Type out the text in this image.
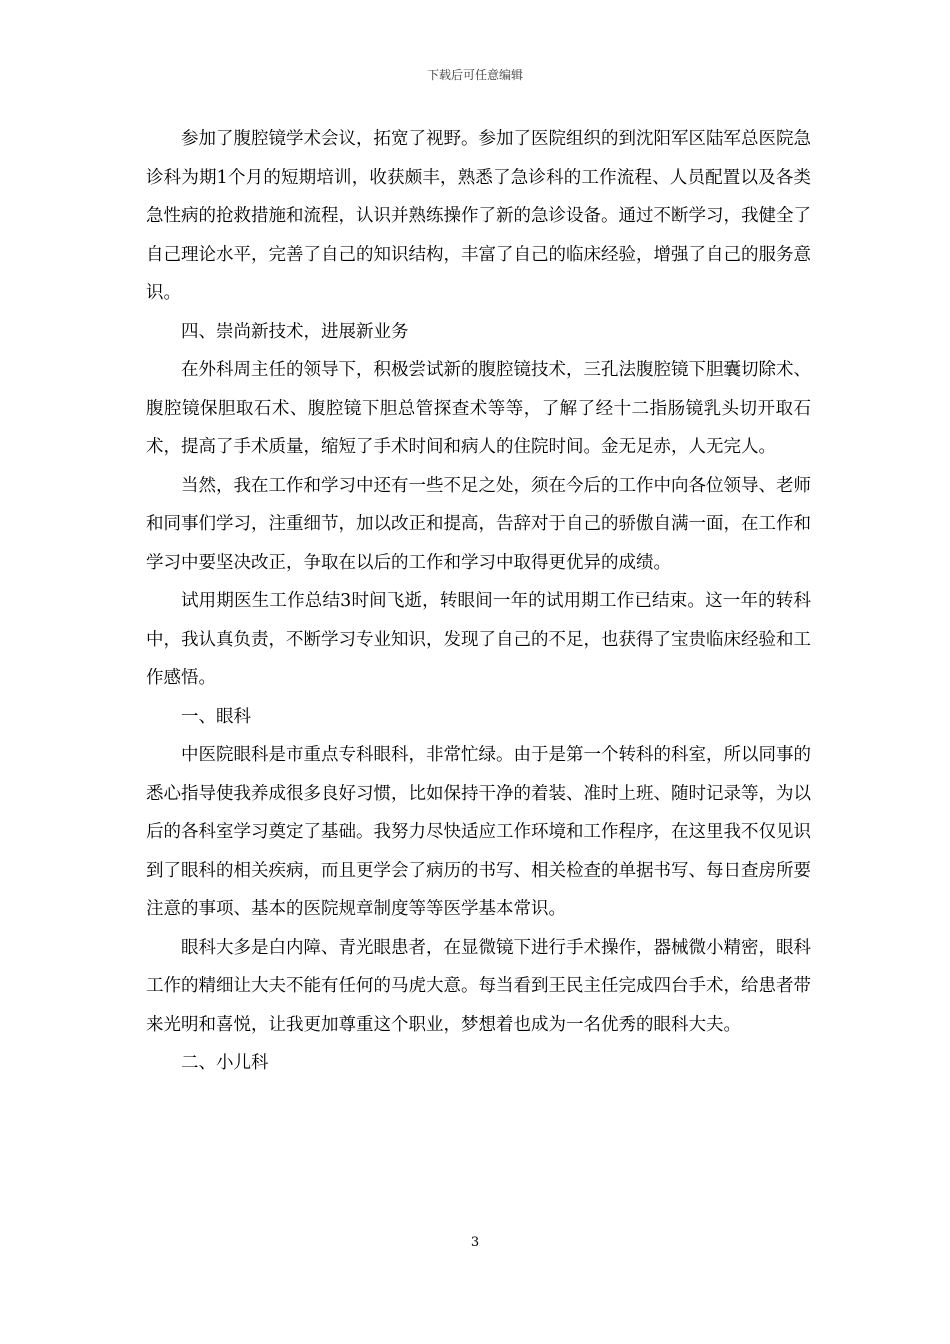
下载后可任意编辑

参加了腹腔镜学术会议，拓宽了视野。参加了医院组织的到沈阳军区陆军总医院急诊科为期1个月的短期培训，收获颇丰，熟悉了急诊科的工作流程、人员配置以及各类急性病的抢救措施和流程，认识并熟练操作了新的急诊设备。通过不断学习，我健全了自己理论水平，完善了自己的知识结构，丰富了自己的临床经验，增强了自己的服务意识。

四、崇尚新技术，进展新业务

在外科周主任的领导下，积极尝试新的腹腔镜技术，三孔法腹腔镜下胆囊切除术、腹腔镜保胆取石术、腹腔镜下胆总管探查术等等，了解了经十二指肠镜乳头切开取石术，提高了手术质量，缩短了手术时间和病人的住院时间。金无足赤，人无完人。

当然，我在工作和学习中还有一些不足之处，须在今后的工作中向各位领导、老师和同事们学习，注重细节，加以改正和提高，告辞对于自己的骄傲自满一面，在工作和学习中要坚决改正，争取在以后的工作和学习中取得更优异的成绩。

试用期医生工作总结3时间飞逝，转眼间一年的试用期工作已结束。这一年的转科中，我认真负责，不断学习专业知识，发现了自己的不足，也获得了宝贵临床经验和工作感悟。

一、眼科

中医院眼科是市重点专科眼科，非常忙绿。由于是第一个转科的科室，所以同事的悉心指导使我养成很多良好习惯，比如保持干净的着装、准时上班、随时记录等，为以后的各科室学习奠定了基础。我努力尽快适应工作环境和工作程序，在这里我不仅见识到了眼科的相关疾病，而且更学会了病历的书写、相关检查的单据书写、每日查房所要注意的事项、基本的医院规章制度等等医学基本常识。

眼科大多是白内障、青光眼患者，在显微镜下进行手术操作，器械微小精密，眼科工作的精细让大夫不能有任何的马虎大意。每当看到王民主任完成四台手术，给患者带来光明和喜悦，让我更加尊重这个职业，梦想着也成为一名优秀的眼科大夫。

二、小儿科

3
